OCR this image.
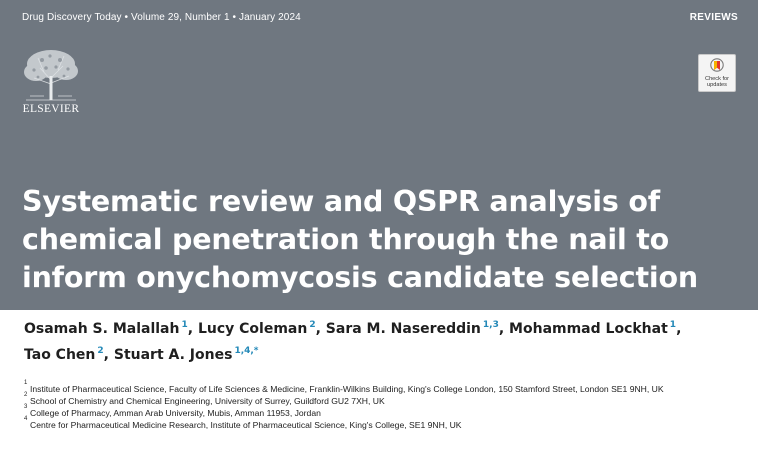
Drug Discovery Today • Volume 29, Number 1 • January 2024	REVIEWS
ELSEVIER
Check for
updates
Systematic review and QSPR analysis of chemical penetration through the nail to inform onychomycosis candidate selection
Osamah S. Malallah $^1$, Lucy Coleman $^2$, Sara M. Nasereddin $^{1,3}$, Mohammad Lockhat $^1$, Tao Chen $^2$, Stuart A. Jones $^{1,4,*}$
1
Institute of Pharmaceutical Science, Faculty of Life Sciences & Medicine, Franklin-Wilkins Building, King's College London, 150 Stamford Street, London SE1 9NH, UK
2
School of Chemistry and Chemical Engineering, University of Surrey, Guildford GU2 7XH, UK
3
College of Pharmacy, Amman Arab University, Mubis, Amman 11953, Jordan
4
Centre for Pharmaceutical Medicine Research, Institute of Pharmaceutical Science, King's College, SE1 9NH, UK
